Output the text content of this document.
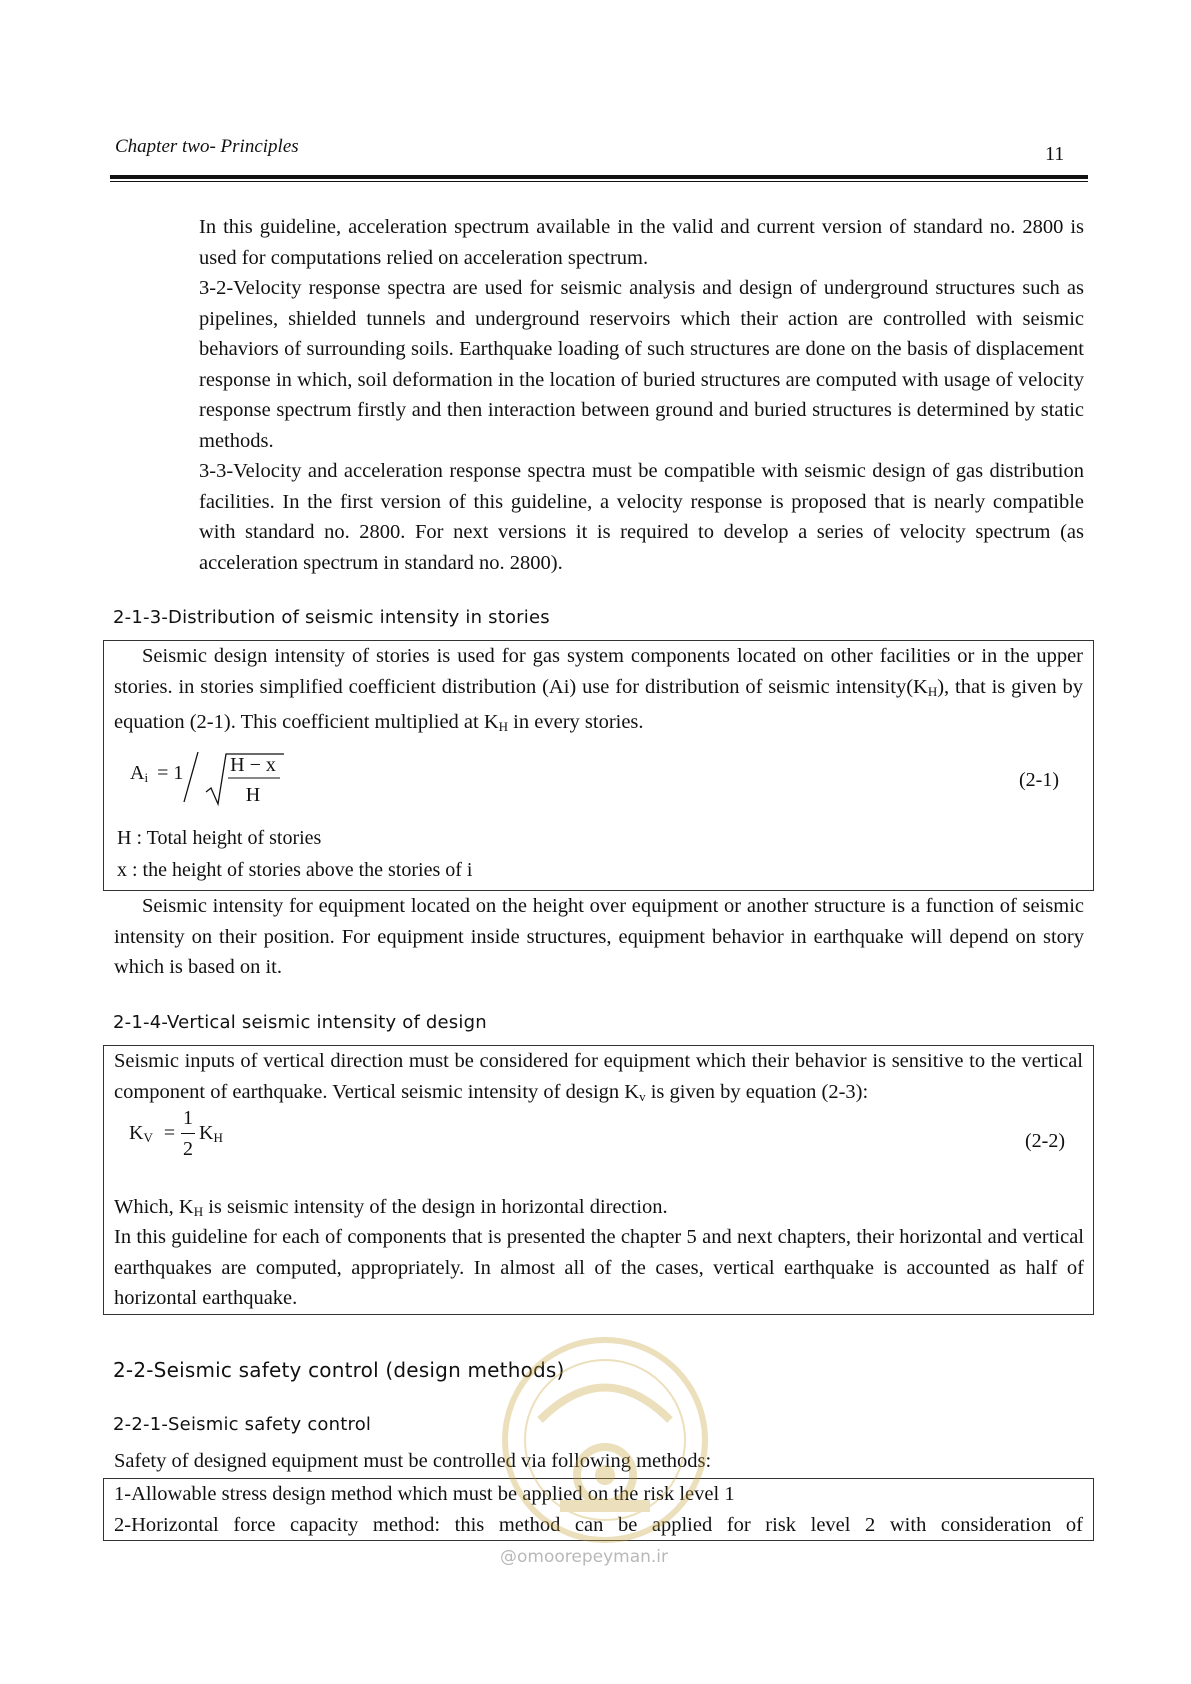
Chapter two- Principles	11

In this guideline, acceleration spectrum available in the valid and current version of standard no. 2800 is used for computations relied on acceleration spectrum.

3-2-Velocity response spectra are used for seismic analysis and design of underground structures such as pipelines, shielded tunnels and underground reservoirs which their action are controlled with seismic behaviors of surrounding soils. Earthquake loading of such structures are done on the basis of displacement response in which, soil deformation in the location of buried structures are computed with usage of velocity response spectrum firstly and then interaction between ground and buried structures is determined by static methods.

3-3-Velocity and acceleration response spectra must be compatible with seismic design of gas distribution facilities. In the first version of this guideline, a velocity response is proposed that is nearly compatible with standard no. 2800. For next versions it is required to develop a series of velocity spectrum (as acceleration spectrum in standard no. 2800).

2-1-3-Distribution of seismic intensity in stories
Seismic design intensity of stories is used for gas system components located on other facilities or in the upper stories. in stories simplified coefficient distribution (Ai) use for distribution of seismic $intensity(K_H)$, that is given by equation (2-1). This coefficient multiplied at $K_H$ in every stories.
$A_i = 1$	H − x
H
(2-1)
H : Total height of stories
x : the height of stories above the stories of i
Seismic intensity for equipment located on the height over equipment or another structure is a function of seismic intensity on their position. For equipment inside structures, equipment behavior in earthquake will depend on story which is based on it.
2-1-4-Vertical seismic intensity of design
Seismic inputs of vertical direction must be considered for equipment which their behavior is sensitive to the vertical component of earthquake. Vertical seismic intensity of design $K_v$ is given by equation (2-3):
$K_V$ =
1
2
$K_H$	(2-2)
Which, $K_H$ is seismic intensity of the design in horizontal direction.
In this guideline for each of components that is presented the chapter 5 and next chapters, their horizontal and vertical earthquakes are computed, appropriately. In almost all of the cases, vertical earthquake is accounted as half of horizontal earthquake.
2-2-Seismic safety control (design methods)
2-2-1-Seismic safety control
Safety of designed equipment must be controlled via following methods:

1-Allowable stress design method which must be applied on the risk level 1

2-Horizontal force capacity method: this method can be applied for risk level 2 with consideration of

@omoorepeyman.ir
